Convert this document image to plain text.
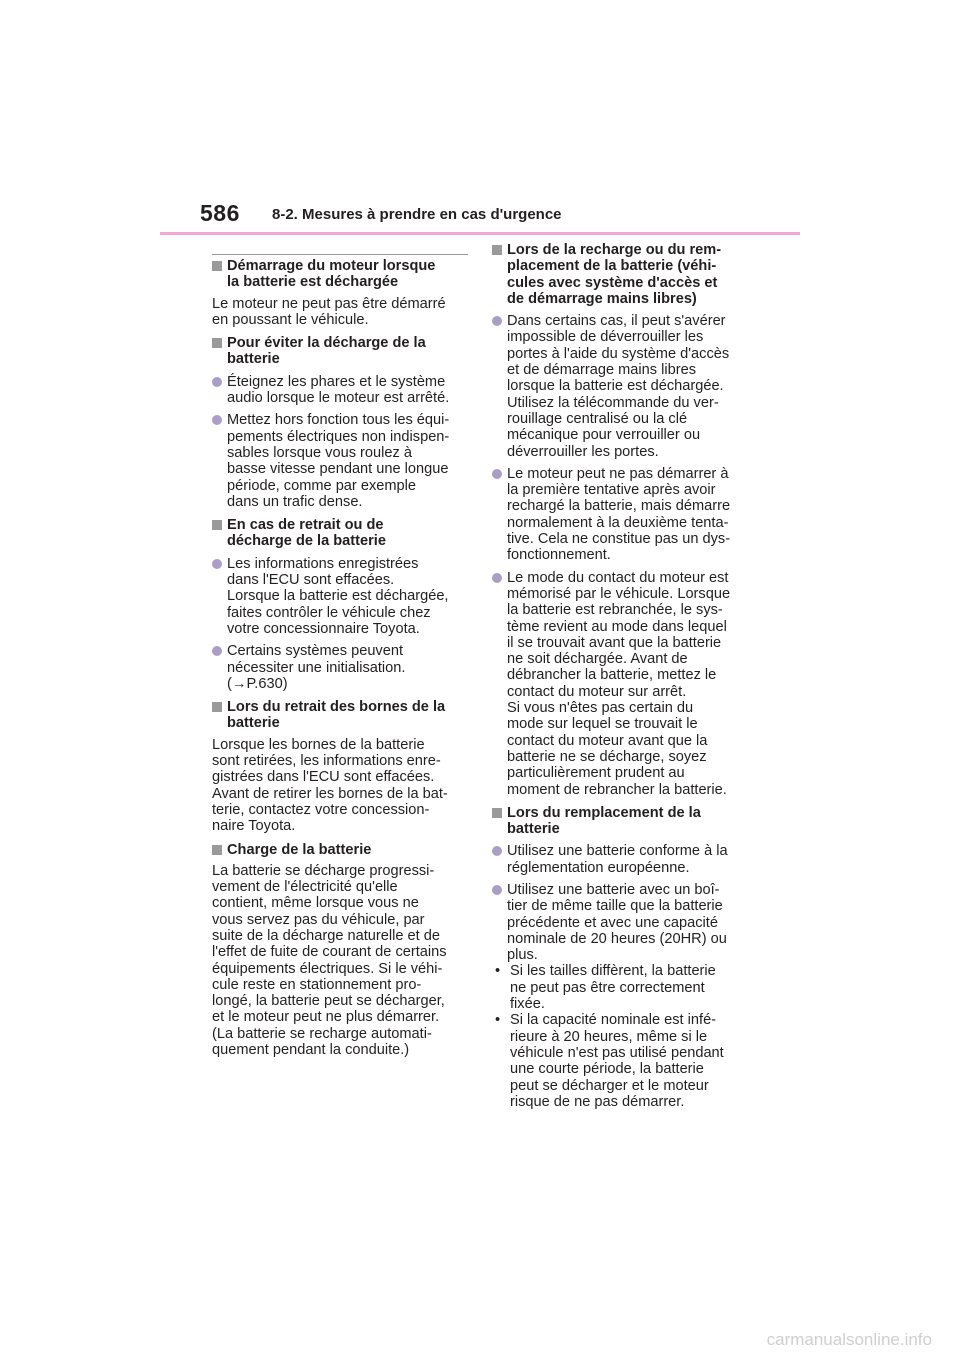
586 8-2. Mesures à prendre en cas d'urgence
Démarrage du moteur lorsque
la batterie est déchargée
Le moteur ne peut pas être démarré
en poussant le véhicule.
Pour éviter la décharge de la
batterie
Éteignez les phares et le système
audio lorsque le moteur est arrêté.
Mettez hors fonction tous les équi-
pements électriques non indispen-
sables lorsque vous roulez à
basse vitesse pendant une longue
période, comme par exemple
dans un trafic dense.
En cas de retrait ou de
décharge de la batterie
Les informations enregistrées
dans l'ECU sont effacées.
Lorsque la batterie est déchargée,
faites contrôler le véhicule chez
votre concessionnaire Toyota.
Certains systèmes peuvent
nécessiter une initialisation.
(→P.630)
Lors du retrait des bornes de la
batterie
Lorsque les bornes de la batterie
sont retirées, les informations enre-
gistrées dans l'ECU sont effacées.
Avant de retirer les bornes de la bat-
terie, contactez votre concession-
naire Toyota.
Charge de la batterie
La batterie se décharge progressi-
vement de l'électricité qu'elle
contient, même lorsque vous ne
vous servez pas du véhicule, par
suite de la décharge naturelle et de
l'effet de fuite de courant de certains
équipements électriques. Si le véhi-
cule reste en stationnement pro-
longé, la batterie peut se décharger,
et le moteur peut ne plus démarrer.
(La batterie se recharge automati-
quement pendant la conduite.)
Lors de la recharge ou du rem-
placement de la batterie (véhi-
cules avec système d'accès et
de démarrage mains libres)
Dans certains cas, il peut s'avérer
impossible de déverrouiller les
portes à l'aide du système d'accès
et de démarrage mains libres
lorsque la batterie est déchargée.
Utilisez la télécommande du ver-
rouillage centralisé ou la clé
mécanique pour verrouiller ou
déverrouiller les portes.
Le moteur peut ne pas démarrer à
la première tentative après avoir
rechargé la batterie, mais démarre
normalement à la deuxième tenta-
tive. Cela ne constitue pas un dys-
fonctionnement.
Le mode du contact du moteur est
mémorisé par le véhicule. Lorsque
la batterie est rebranchée, le sys-
tème revient au mode dans lequel
il se trouvait avant que la batterie
ne soit déchargée. Avant de
débrancher la batterie, mettez le
contact du moteur sur arrêt.
Si vous n'êtes pas certain du
mode sur lequel se trouvait le
contact du moteur avant que la
batterie ne se décharge, soyez
particulièrement prudent au
moment de rebrancher la batterie.
Lors du remplacement de la
batterie
Utilisez une batterie conforme à la
réglementation européenne.
Utilisez une batterie avec un boî-
tier de même taille que la batterie
précédente et avec une capacité
nominale de 20 heures (20HR) ou
plus.
• Si les tailles diffèrent, la batterie
ne peut pas être correctement
fixée.
• Si la capacité nominale est infé-
rieure à 20 heures, même si le
véhicule n'est pas utilisé pendant
une courte période, la batterie
peut se décharger et le moteur
risque de ne pas démarrer.
carmanualsonline.info
